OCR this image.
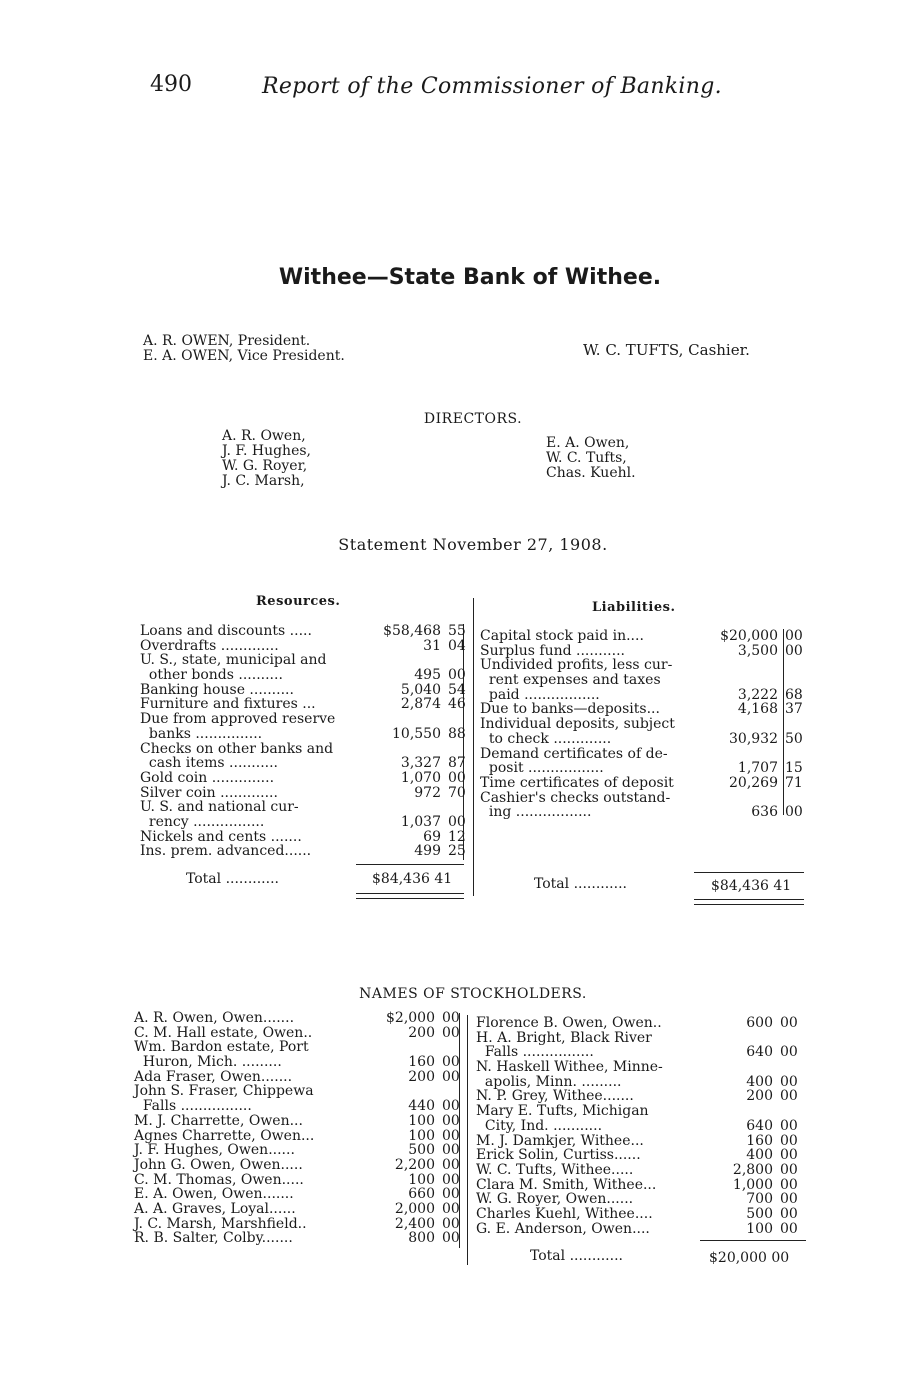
490	Report of the Commissioner of Banking.
Withee—State Bank of Withee.
A. R. OWEN, President.
E. A. OWEN, Vice President.	W. C. TUFTS, Cashier.
DIRECTORS.
A. R. Owen,
J. F. Hughes,
W. G. Royer,
J. C. Marsh,
E. A. Owen,
W. C. Tufts,
Chas. Kuehl.
Statement November 27, 1908.
Resources.	Liabilities.
Loans and discounts .....	$58,468 55
Overdrafts .............	31 04
U. S., state, municipal and
other bonds ..........	495 00
Banking house ..........	5,040 54
Furniture and fixtures ...	2,874 46
Due from approved reserve
banks ...............	10,550 88
Checks on other banks and
cash items ...........	3,327 87
Gold coin ..............	1,070 00
Silver coin .............	972 70
U. S. and national cur-
rency ................	1,037 00
Nickels and cents .......	69 12
Ins. prem. advanced......	499 25
Capital stock paid in....	$20,000 00
Surplus fund ...........	3,500 00
Undivided profits, less cur-
rent expenses and taxes
paid .................	3,222 68
Due to banks—deposits...	4,168 37
Individual deposits, subject
to check .............	30,932 50
Demand certificates of de-
posit .................	1,707 15
Time certificates of deposit	20,269 71
Cashier's checks outstand-
ing .................	636 00
Total ............	$84,436 41	Total ............	$84,436 41
NAMES OF STOCKHOLDERS.
A. R. Owen, Owen.......	$2,000 00
C. M. Hall estate, Owen..	200 00
Wm. Bardon estate, Port
Huron, Mich. .........	160 00
Ada Fraser, Owen.......	200 00
John S. Fraser, Chippewa
Falls ................	440 00
M. J. Charrette, Owen...	100 00
Agnes Charrette, Owen...	100 00
J. F. Hughes, Owen......	500 00
John G. Owen, Owen.....	2,200 00
C. M. Thomas, Owen.....	100 00
E. A. Owen, Owen.......	660 00
A. A. Graves, Loyal......	2,000 00
J. C. Marsh, Marshfield..	2,400 00
R. B. Salter, Colby.......	800 00
Florence B. Owen, Owen..	600 00
H. A. Bright, Black River
Falls ................	640 00
N. Haskell Withee, Minne-
apolis, Minn. .........	400 00
N. P. Grey, Withee.......	200 00
Mary E. Tufts, Michigan
City, Ind. ...........	640 00
M. J. Damkjer, Withee...	160 00
Erick Solin, Curtiss......	400 00
W. C. Tufts, Withee.....	2,800 00
Clara M. Smith, Withee...	1,000 00
W. G. Royer, Owen......	700 00
Charles Kuehl, Withee....	500 00
G. E. Anderson, Owen....	100 00
Total ............	$20,000 00
